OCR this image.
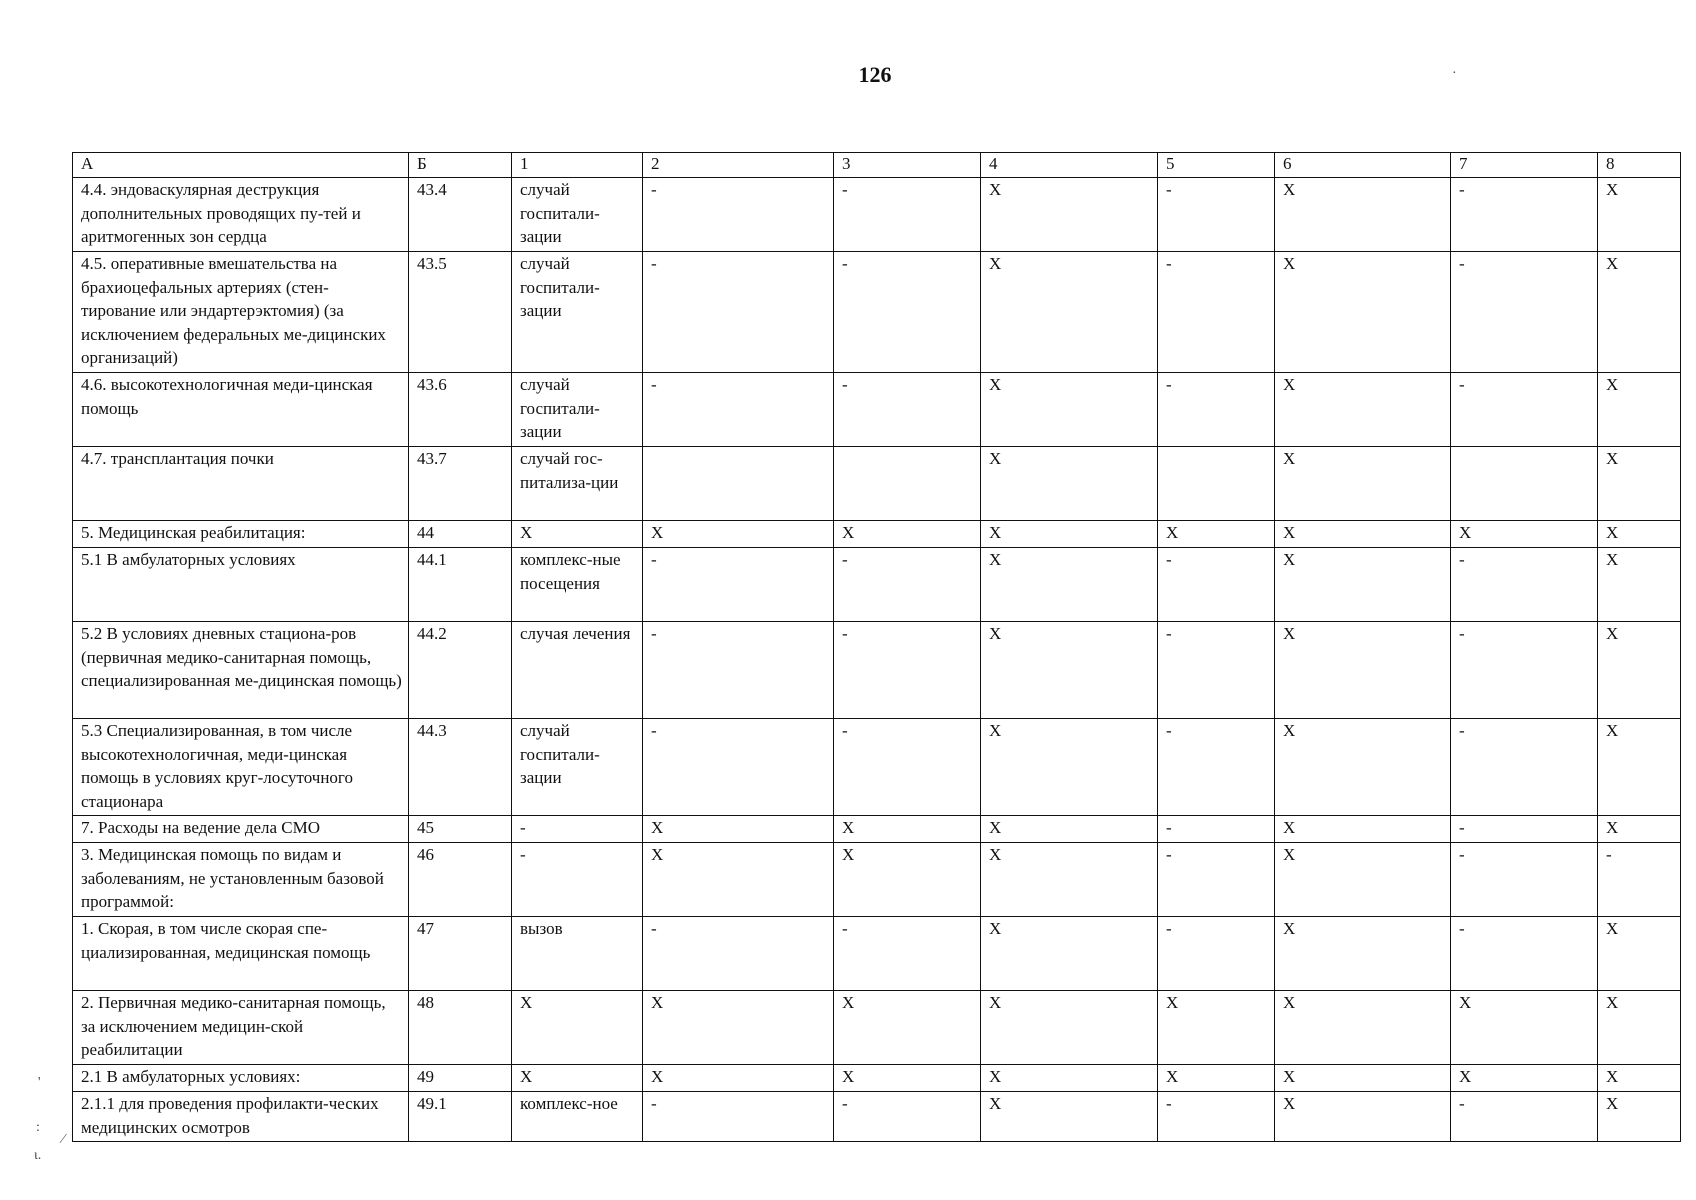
126	·
'
:
⁄
ι.
А	Б	1	2	3	4	5	6	7	8
4.4. эндоваскулярная деструкция дополнительных проводящих пу-тей и аритмогенных зон сердца	43.4	случай госпитали-зации	-	-	X	-	X	-	X
4.5. оперативные вмешательства на брахиоцефальных артериях (стен-тирование или эндартерэктомия) (за исключением федеральных ме-дицинских организаций)	43.5	случай госпитали-зации	-	-	X	-	X	-	X
4.6. высокотехнологичная меди-цинская помощь	43.6	случай госпитали-зации	-	-	X	-	X	-	X
4.7. трансплантация почки	43.7	случай гос-питализа-ции			X		X		X
5. Медицинская реабилитация:	44	X	X	X	X	X	X	X	X
5.1 В амбулаторных условиях	44.1	комплекс-ные посещения	-	-	X	-	X	-	X
5.2 В условиях дневных стациона-ров (первичная медико-санитарная помощь, специализированная ме-дицинская помощь)	44.2	случая лечения	-	-	X	-	X	-	X
5.3 Специализированная, в том числе высокотехнологичная, меди-цинская помощь в условиях круг-лосуточного стационара	44.3	случай госпитали-зации	-	-	X	-	X	-	X
7. Расходы на ведение дела СМО	45	-	X	X	X	-	X	-	X
3. Медицинская помощь по видам и заболеваниям, не установленным базовой программой:	46	-	X	X	X	-	X	-	-
1. Скорая, в том числе скорая спе-циализированная, медицинская помощь	47	вызов	-	-	X	-	X	-	X
2. Первичная медико-санитарная помощь, за исключением медицин-ской реабилитации	48	X	X	X	X	X	X	X	X
2.1 В амбулаторных условиях:	49	X	X	X	X	X	X	X	X
2.1.1 для проведения профилакти-ческих медицинских осмотров	49.1	комплекс-ное	-	-	X	-	X	-	X
